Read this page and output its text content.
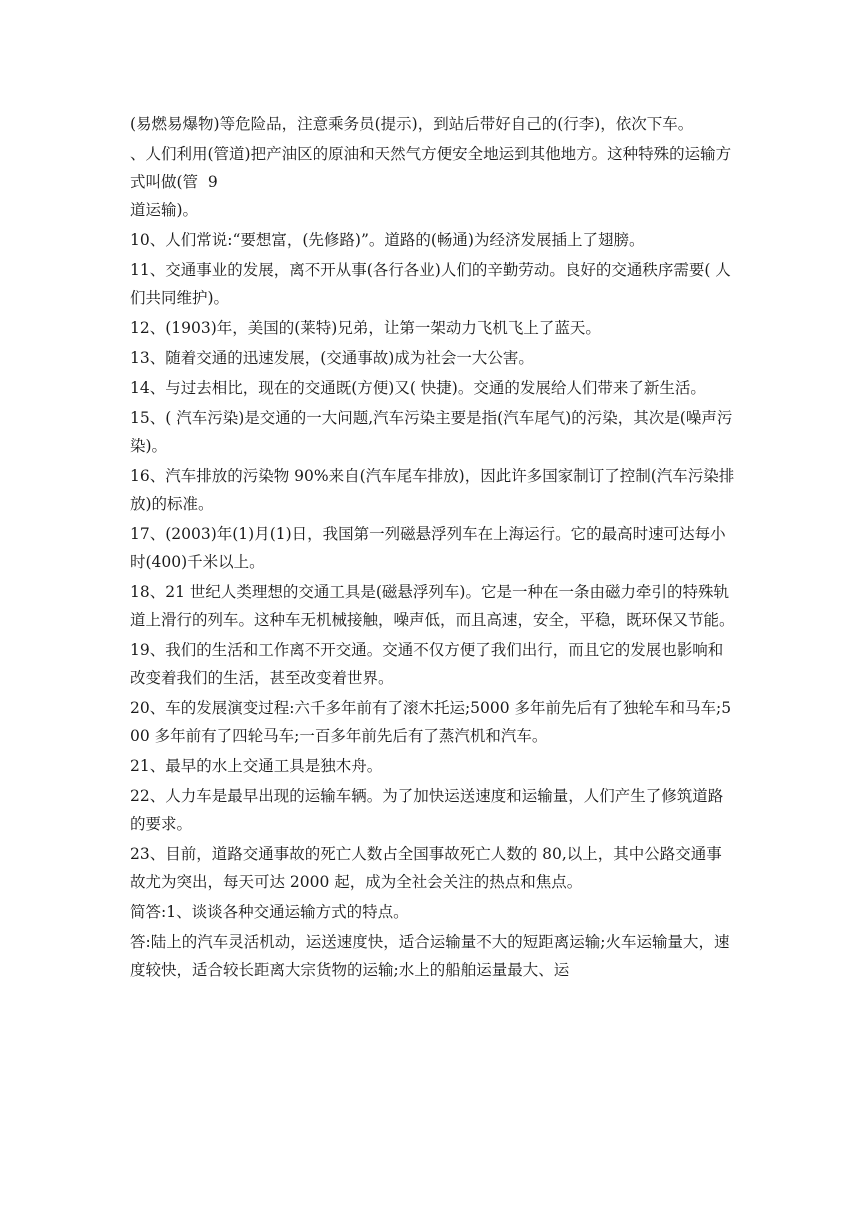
(易燃易爆物)等危险品，注意乘务员(提示)，到站后带好自己的(行李)，依次下车。

、人们利用(管道)把产油区的原油和天然气方便安全地运到其他地方。这种特殊的运输方式叫做(管  9
道运输)。

10、人们常说:“要想富，(先修路)”。道路的(畅通)为经济发展插上了翅膀。

11、交通事业的发展，离不开从事(各行各业)人们的辛勤劳动。良好的交通秩序需要( 人们共同维护)。

12、(1903)年，美国的(莱特)兄弟，让第一架动力飞机飞上了蓝天。

13、随着交通的迅速发展，(交通事故)成为社会一大公害。

14、与过去相比，现在的交通既(方便)又( 快捷)。交通的发展给人们带来了新生活。

15、( 汽车污染)是交通的一大问题,汽车污染主要是指(汽车尾气)的污染，其次是(噪声污染)。

16、汽车排放的污染物 90%来自(汽车尾车排放)，因此许多国家制订了控制(汽车污染排放)的标准。

17、(2003)年(1)月(1)日，我国第一列磁悬浮列车在上海运行。它的最高时速可达每小时(400)千米以上。

18、21 世纪人类理想的交通工具是(磁悬浮列车)。它是一种在一条由磁力牵引的特殊轨道上滑行的列车。这种车无机械接触，噪声低，而且高速，安全，平稳，既环保又节能。

19、我们的生活和工作离不开交通。交通不仅方便了我们出行，而且它的发展也影响和改变着我们的生活，甚至改变着世界。

20、车的发展演变过程:六千多年前有了滚木托运;5000 多年前先后有了独轮车和马车;500 多年前有了四轮马车;一百多年前先后有了蒸汽机和汽车。

21、最早的水上交通工具是独木舟。

22、人力车是最早出现的运输车辆。为了加快运送速度和运输量，人们产生了修筑道路的要求。

23、目前，道路交通事故的死亡人数占全国事故死亡人数的 80,以上，其中公路交通事故尤为突出，每天可达 2000 起，成为全社会关注的热点和焦点。

简答:1、谈谈各种交通运输方式的特点。

答:陆上的汽车灵活机动，运送速度快，适合运输量不大的短距离运输;火车运输量大，速度较快，适合较长距离大宗货物的运输;水上的船舶运量最大、运
